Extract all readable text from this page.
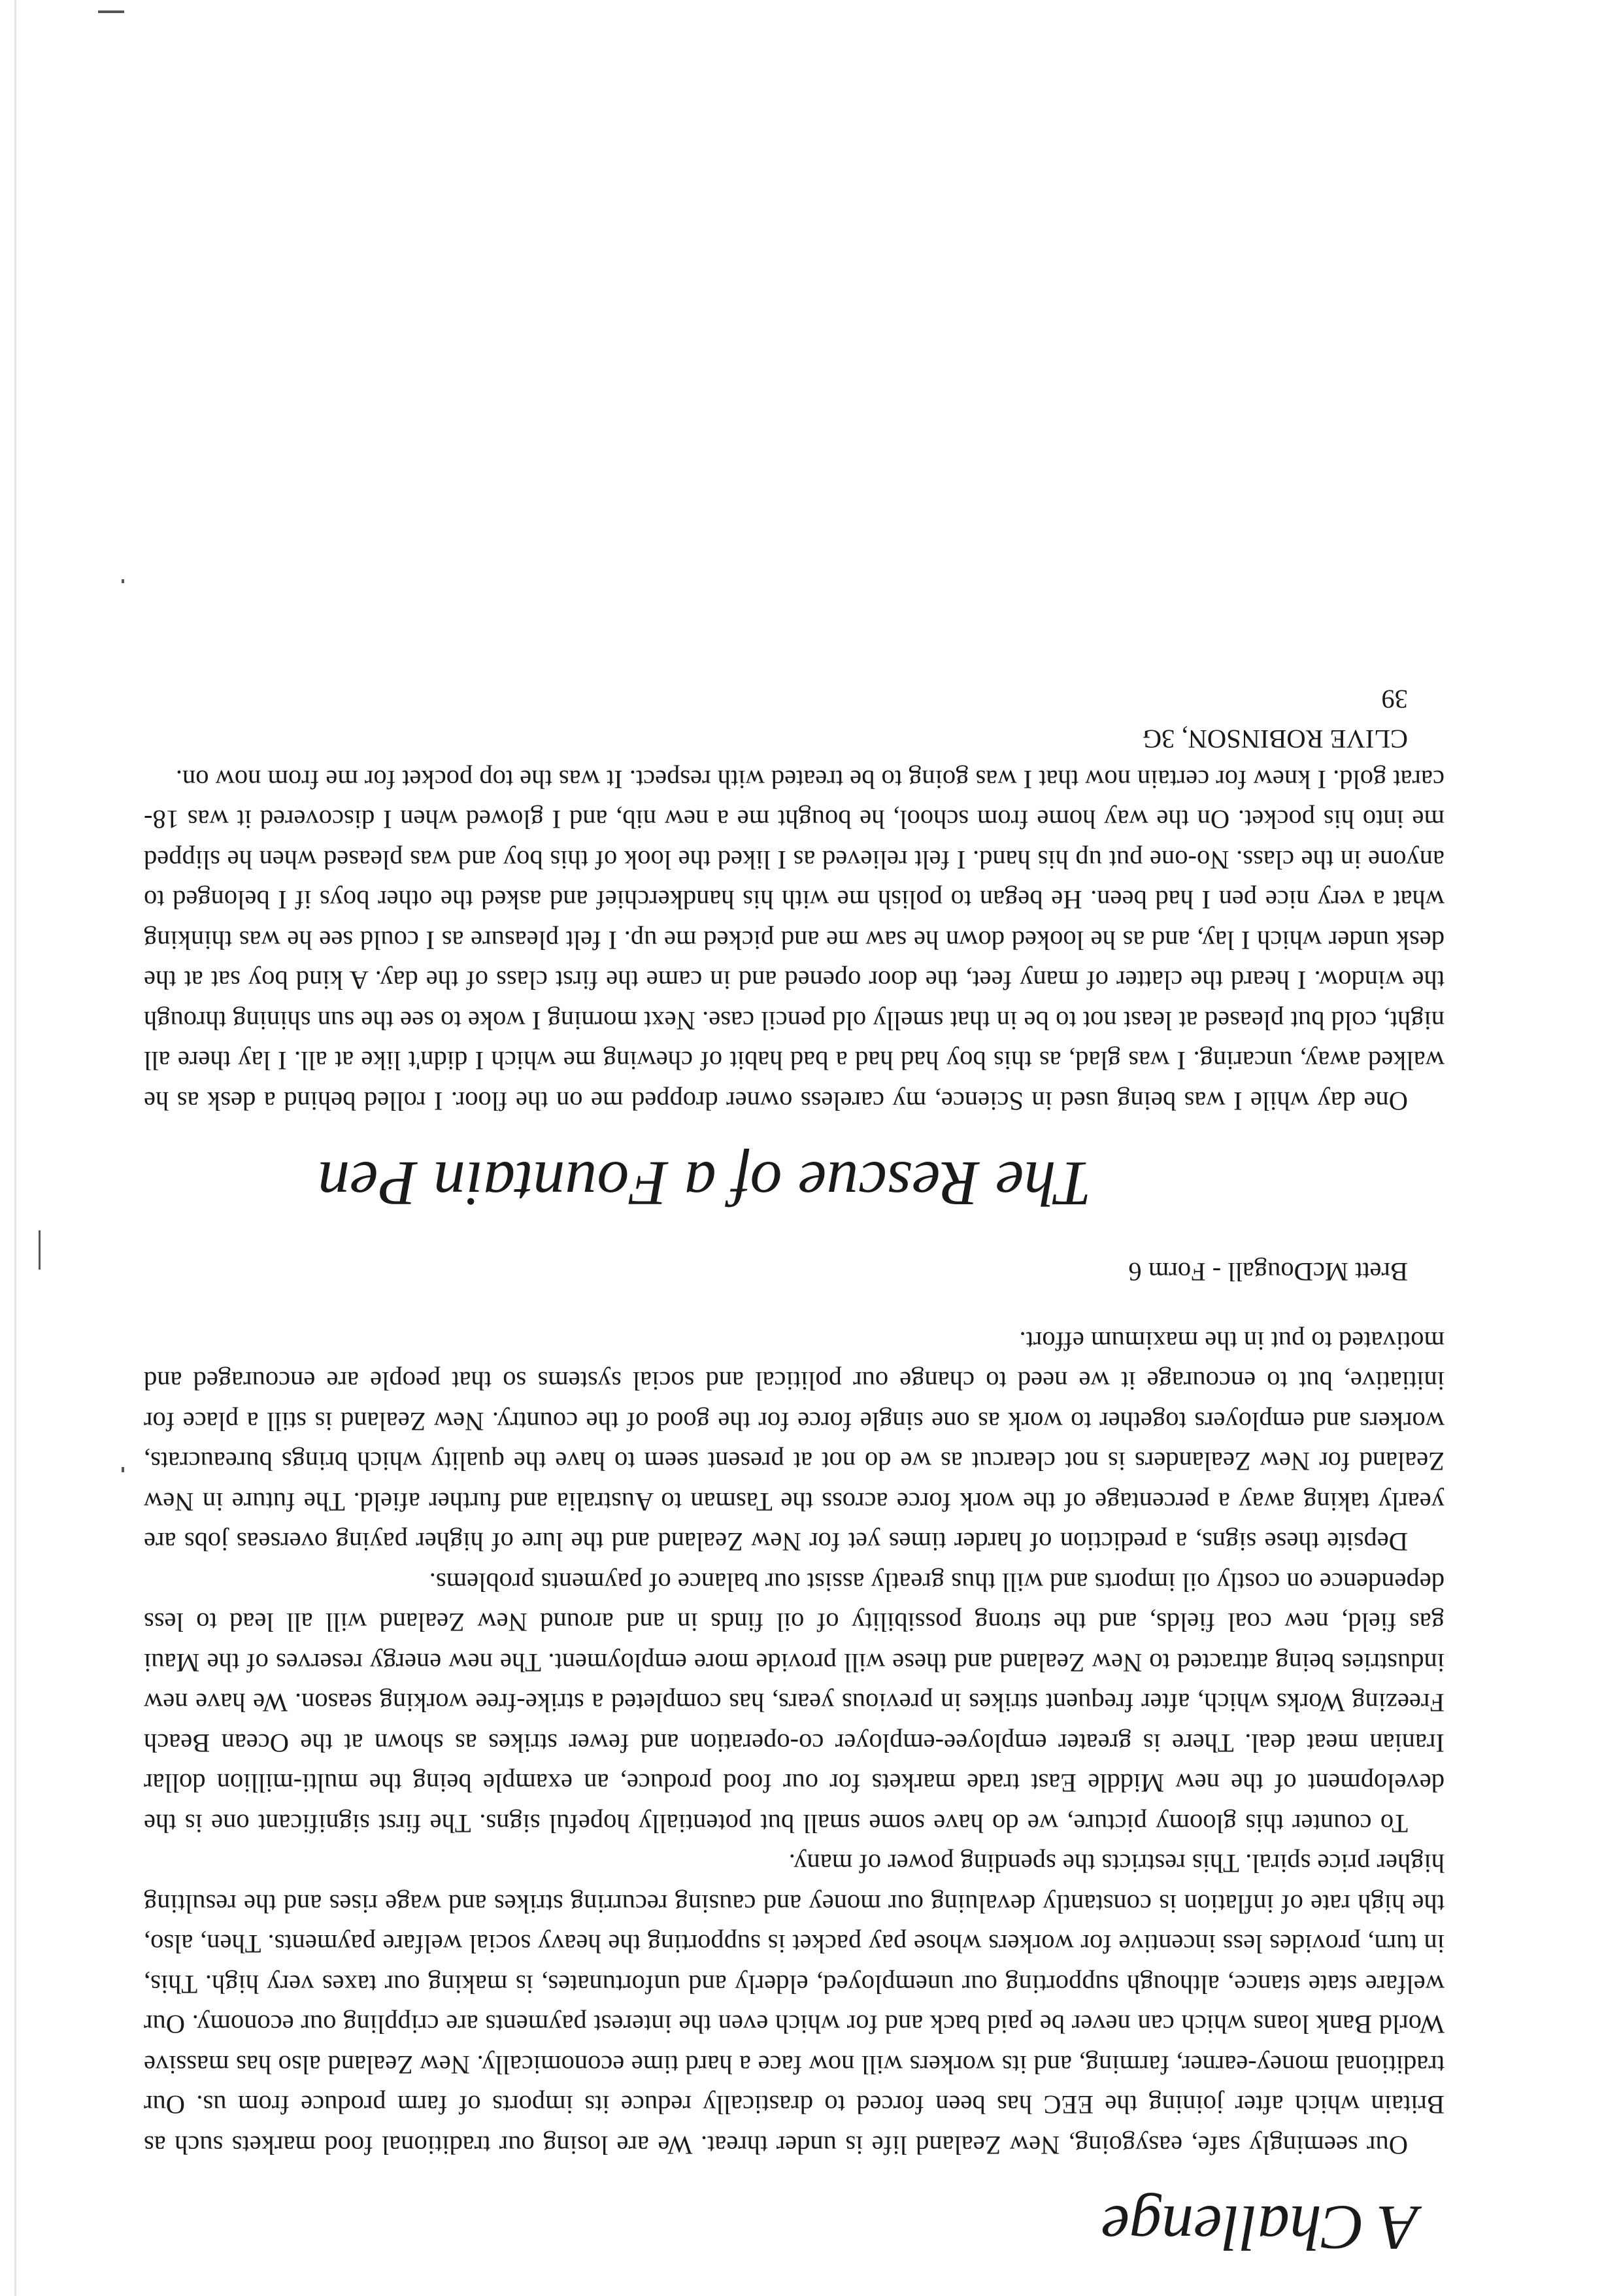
A Challenge

Our seemingly safe, easygoing, New Zealand life is under threat. We are losing our traditional food markets such as Britain which after joining the EEC has been forced to drastically reduce its imports of farm produce from us. Our traditional money-earner, farming, and its workers will now face a hard time economically. New Zealand also has massive World Bank loans which can never be paid back and for which even the interest payments are crippling our economy. Our welfare state stance, although supporting our unemployed, elderly and unfortunates, is making our taxes very high. This, in turn, provides less incentive for workers whose pay packet is supporting the heavy social welfare payments. Then, also, the high rate of inflation is constantly devaluing our money and causing recurring strikes and wage rises and the resulting higher price spiral. This restricts the spending power of many.

To counter this gloomy picture, we do have some small but potentially hopeful signs. The first significant one is the development of the new Middle East trade markets for our food produce, an example being the multi-million dollar Iranian meat deal. There is greater employee-employer co-operation and fewer strikes as shown at the Ocean Beach Freezing Works which, after frequent strikes in previous years, has completed a strike-free working season. We have new industries being attracted to New Zealand and these will provide more employment. The new energy reserves of the Maui gas field, new coal fields, and the strong possibility of oil finds in and around New Zealand will all lead to less dependence on costly oil imports and will thus greatly assist our balance of payments problems.

Depsite these signs, a prediction of harder times yet for New Zealand and the lure of higher paying overseas jobs are yearly taking away a percentage of the work force across the Tasman to Australia and further afield. The future in New Zealand for New Zealanders is not clearcut as we do not at present seem to have the quality which brings bureaucrats, workers and employers together to work as one single force for the good of the country. New Zealand is still a place for initiative, but to encourage it we need to change our political and social systems so that people are encouraged and motivated to put in the maximum effort.

Brett McDougall - Form 6

The Rescue of a Fountain Pen

One day while I was being used in Science, my careless owner dropped me on the floor. I rolled behind a desk as he walked away, uncaring. I was glad, as this boy had had a bad habit of chewing me which I didn't like at all. I lay there all night, cold but pleased at least not to be in that smelly old pencil case. Next morning I woke to see the sun shining through the window. I heard the clatter of many feet, the door opened and in came the first class of the day. A kind boy sat at the desk under which I lay, and as he looked down he saw me and picked me up. I felt pleasure as I could see he was thinking what a very nice pen I had been. He began to polish me with his handkerchief and asked the other boys if I belonged to anyone in the class. No-one put up his hand. I felt relieved as I liked the look of this boy and was pleased when he slipped me into his pocket. On the way home from school, he bought me a new nib, and I glowed when I discovered it was 18-carat gold. I knew for certain now that I was going to be treated with respect. It was the top pocket for me from now on.

CLIVE ROBINSON, 3G

39
